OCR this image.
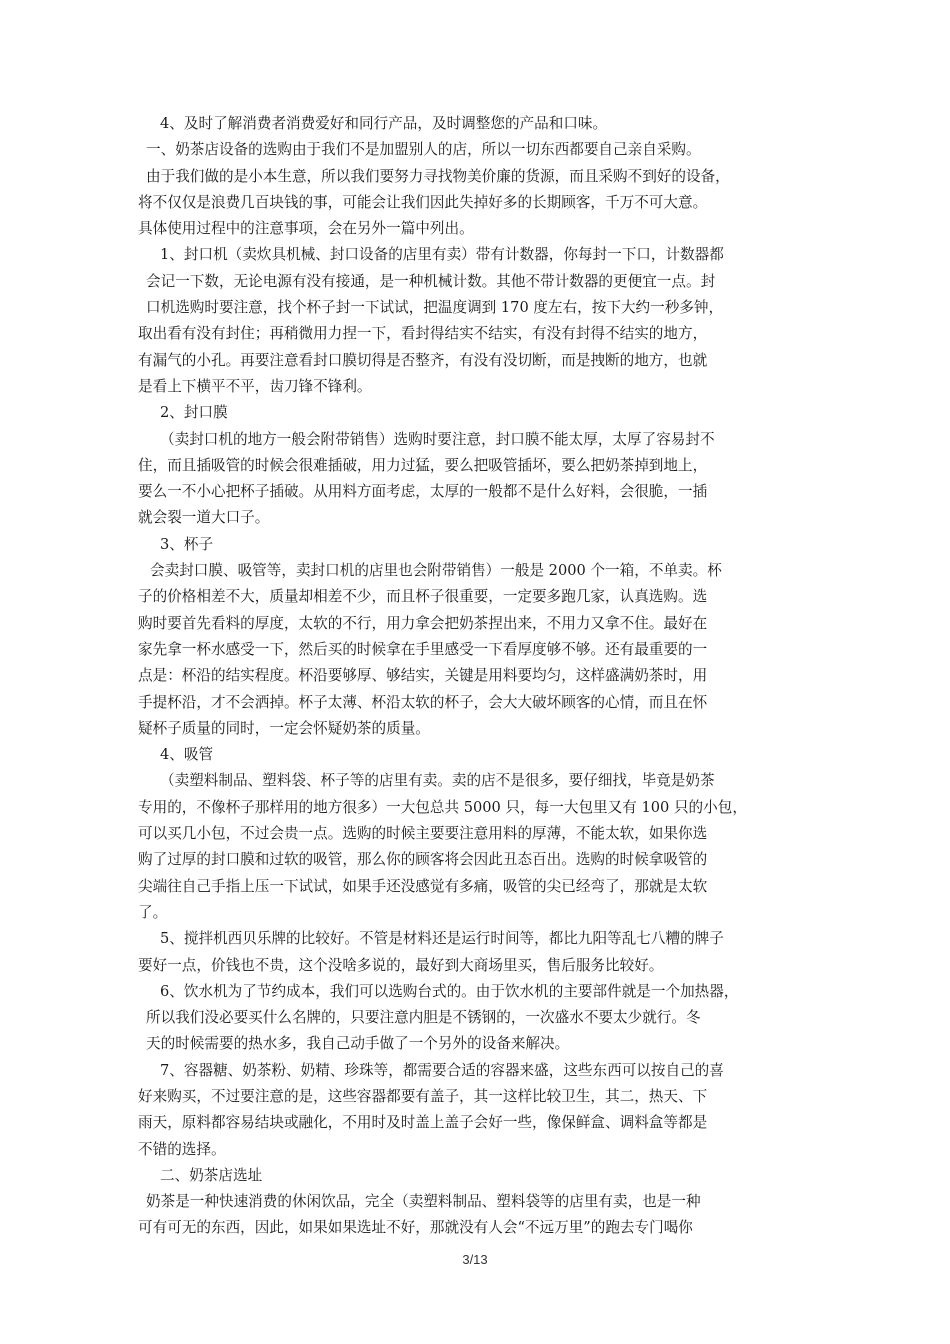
4、及时了解消费者消费爱好和同行产品，及时调整您的产品和口味。
一、奶茶店设备的选购由于我们不是加盟别人的店，所以一切东西都要自己亲自采购。
由于我们做的是小本生意，所以我们要努力寻找物美价廉的货源，而且采购不到好的设备，
将不仅仅是浪费几百块钱的事，可能会让我们因此失掉好多的长期顾客，千万不可大意。
具体使用过程中的注意事项，会在另外一篇中列出。
1、封口机（卖炊具机械、封口设备的店里有卖）带有计数器，你每封一下口，计数器都
会记一下数，无论电源有没有接通，是一种机械计数。其他不带计数器的更便宜一点。封
口机选购时要注意，找个杯子封一下试试，把温度调到 170 度左右，按下大约一秒多钟，
取出看有没有封住；再稍微用力捏一下，看封得结实不结实，有没有封得不结实的地方，
有漏气的小孔。再要注意看封口膜切得是否整齐，有没有没切断，而是拽断的地方，也就
是看上下横平不平，齿刀锋不锋利。
2、封口膜
（卖封口机的地方一般会附带销售）选购时要注意，封口膜不能太厚，太厚了容易封不
住，而且插吸管的时候会很难插破，用力过猛，要么把吸管插坏，要么把奶茶掉到地上，
要么一不小心把杯子插破。从用料方面考虑，太厚的一般都不是什么好料，会很脆，一插
就会裂一道大口子。
3、杯子
会卖封口膜、吸管等，卖封口机的店里也会附带销售）一般是 2000 个一箱，不单卖。杯
子的价格相差不大，质量却相差不少，而且杯子很重要，一定要多跑几家，认真选购。选
购时要首先看料的厚度，太软的不行，用力拿会把奶茶捏出来，不用力又拿不住。最好在
家先拿一杯水感受一下，然后买的时候拿在手里感受一下看厚度够不够。还有最重要的一
点是：杯沿的结实程度。杯沿要够厚、够结实，关键是用料要均匀，这样盛满奶茶时，用
手提杯沿，才不会洒掉。杯子太薄、杯沿太软的杯子，会大大破坏顾客的心情，而且在怀
疑杯子质量的同时，一定会怀疑奶茶的质量。
4、吸管
（卖塑料制品、塑料袋、杯子等的店里有卖。卖的店不是很多，要仔细找，毕竟是奶茶
专用的，不像杯子那样用的地方很多）一大包总共 5000 只，每一大包里又有 100 只的小包，
可以买几小包，不过会贵一点。选购的时候主要要注意用料的厚薄，不能太软，如果你选
购了过厚的封口膜和过软的吸管，那么你的顾客将会因此丑态百出。选购的时候拿吸管的
尖端往自己手指上压一下试试，如果手还没感觉有多痛，吸管的尖已经弯了，那就是太软
了。
5、搅拌机西贝乐牌的比较好。不管是材料还是运行时间等，都比九阳等乱七八糟的牌子
要好一点，价钱也不贵，这个没啥多说的，最好到大商场里买，售后服务比较好。
6、饮水机为了节约成本，我们可以选购台式的。由于饮水机的主要部件就是一个加热器，
所以我们没必要买什么名牌的，只要注意内胆是不锈钢的，一次盛水不要太少就行。冬
天的时候需要的热水多，我自己动手做了一个另外的设备来解决。
7、容器糖、奶茶粉、奶精、珍珠等，都需要合适的容器来盛，这些东西可以按自己的喜
好来购买，不过要注意的是，这些容器都要有盖子，其一这样比较卫生，其二，热天、下
雨天，原料都容易结块或融化，不用时及时盖上盖子会好一些，像保鲜盒、调料盒等都是
不错的选择。
二、奶茶店选址
奶茶是一种快速消费的休闲饮品，完全（卖塑料制品、塑料袋等的店里有卖，也是一种
可有可无的东西，因此，如果如果选址不好，那就没有人会“不远万里”的跑去专门喝你
3/13
